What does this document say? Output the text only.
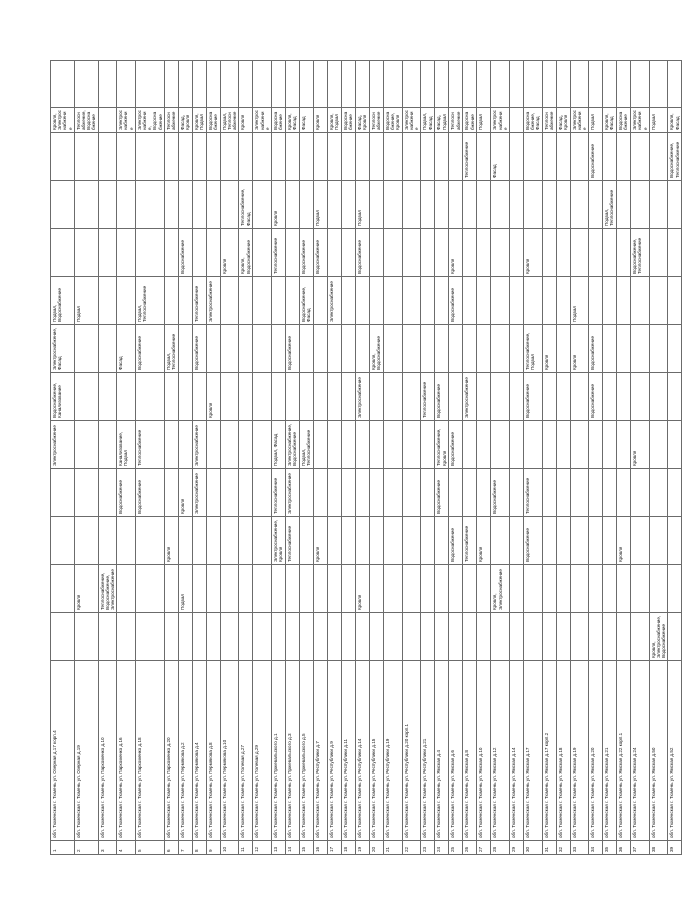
1	обл. Тюменская г. Тюмень ул. Озерная д.17 корп.4					Электроснабжение	Водоснабжение, Канализование	Электроснабжение, Фасад	Подвал, Водоснабжение				Кровля, Электроснабжение	
2	обл. Тюменская г. Тюмень ул. Озерная д.19		Кровля						Подвал				Теплоснабжение, Водоснабжение	
3	обл. Тюменская г. Тюмень ул. Пархоменко д.10		Теплоснабжение, Водоснабжение, Электроснабжение											
4	обл. Тюменская г. Тюмень ул. Пархоменко д.16				Водоснабжение	Канализование, Подвал		Фасад					Электроснабжение	
5	обл. Тюменская г. Тюмень ул. Пархоменко д.18				Водоснабжение	Теплоснабжение		Водоснабжение	Подвал, Теплоснабжение				Электроснабжение, Водоснабжение	
6	обл. Тюменская г. Тюмень ул. Пархоменко д.20			Кровля				Подвал, Теплоснабжение					Теплоснабжение	
7	обл. Тюменская г. Тюмень ул. Пермякова д.2		Подвал		Кровля					Водоснабжение			Фасад, Кровля	
8	обл. Тюменская г. Тюмень ул. Пермякова д.4				Электроснабжение	Электроснабжение		Водоснабжение	Теплоснабжение				Кровля, Подвал	
9	обл. Тюменская г. Тюмень ул. Пермякова д.8						Кровля		Электроснабжение				Водоснабжение	
10	обл. Тюменская г. Тюмень ул. Пермякова д.10									Кровля			Подвал, Теплоснабжение	
11	обл. Тюменская г. Тюмень ул. Полевая д.27									Кровля, Водоснабжение	Теплоснабжение, Фасад		Кровля	
12	обл. Тюменская г. Тюмень ул. Полевая д.29												Электроснабжение	
13	обл. Тюменская г. Тюмень ул. Пржевальского д.1			Электроснабжение, Кровля	Теплоснабжение	Подвал, Фасад				Теплоснабжение	Кровля		Водоснабжение	
14	обл. Тюменская г. Тюмень ул. Пржевальского д.3			Теплоснабжение	Электроснабжение	Электроснабжение, Водоснабжение		Водоснабжение					Кровля, Фасад	
15	обл. Тюменская г. Тюмень ул. Пржевальского д.5					Подвал, Теплоснабжение			Водоснабжение, Фасад	Водоснабжение			Фасад	
16	обл. Тюменская г. Тюмень ул. Республики д.7			Кровля						Водоснабжение	Подвал		Кровля	
17	обл. Тюменская г. Тюмень ул. Республики д.9								Электроснабжение				Кровля, Подвал	
18	обл. Тюменская г. Тюмень ул. Республики д.11												Водоснабжение	
19	обл. Тюменская г. Тюмень ул. Республики д.14		Кровля				Электроснабжение			Водоснабжение	Подвал		Фасад, Кровля	
20	обл. Тюменская г. Тюмень ул. Республики д.15							Кровля, Водоснабжение					Теплоснабжение	
21	обл. Тюменская г. Тюмень ул. Республики д.19												Водоснабжение, Кровля	
22	обл. Тюменская г. Тюмень ул. Республики д.20 корп.1												Электроснабжение	
23	обл. Тюменская г. Тюмень ул. Республики д.21						Теплоснабжение						Подвал, Фасад	
24	обл. Тюменская г. Тюмень ул. Ямская д.4				Водоснабжение	Теплоснабжение, Кровля	Водоснабжение						Фасад, Подвал	
25	обл. Тюменская г. Тюмень ул. Ямская д.6			Водоснабжение		Водоснабжение			Водоснабжение	Кровля			Теплоснабжение	
26	обл. Тюменская г. Тюмень ул. Ямская д.8			Теплоснабжение			Электроснабжение					Теплоснабжение	Водоснабжение	
27	обл. Тюменская г. Тюмень ул. Ямская д.10			Кровля									Подвал	
28	обл. Тюменская г. Тюмень ул. Ямская д.12		Кровля, Электроснабжение		Водоснабжение							Фасад	Электроснабжение	
29	обл. Тюменская г. Тюмень ул. Ямская д.14													
30	обл. Тюменская г. Тюмень ул. Ямская д.17			Водоснабжение	Теплоснабжение		Водоснабжение	Теплоснабжение, Подвал		Кровля			Водоснабжение, Фасад	
31	обл. Тюменская г. Тюмень ул. Ямская д.17 корп.2							Кровля					Теплоснабжение	
32	обл. Тюменская г. Тюмень ул. Ямская д.18												Фасад, Кровля	
33	обл. Тюменская г. Тюмень ул. Ямская д.19							Кровля	Подвал				Электроснабжение	
34	обл. Тюменская г. Тюмень ул. Ямская д.20						Водоснабжение	Водоснабжение				Водоснабжение	Подвал	
35	обл. Тюменская г. Тюмень ул. Ямская д.21										Подвал, Теплоснабжение		Кровля, Фасад	
36	обл. Тюменская г. Тюмень ул. Ямская д.22 корп.1			Кровля									Водоснабжение	
37	обл. Тюменская г. Тюмень ул. Ямская д.24					Кровля				Водоснабжение, Теплоснабжение			Электроснабжение	
38	обл. Тюменская г. Тюмень ул. Ямская д.50	Кровля, Электроснабжение, Водоснабжение											Подвал	
39	обл. Тюменская г. Тюмень ул. Ямская д.52											Водоснабжение, Теплоснабжение	Кровля, Фасад	
